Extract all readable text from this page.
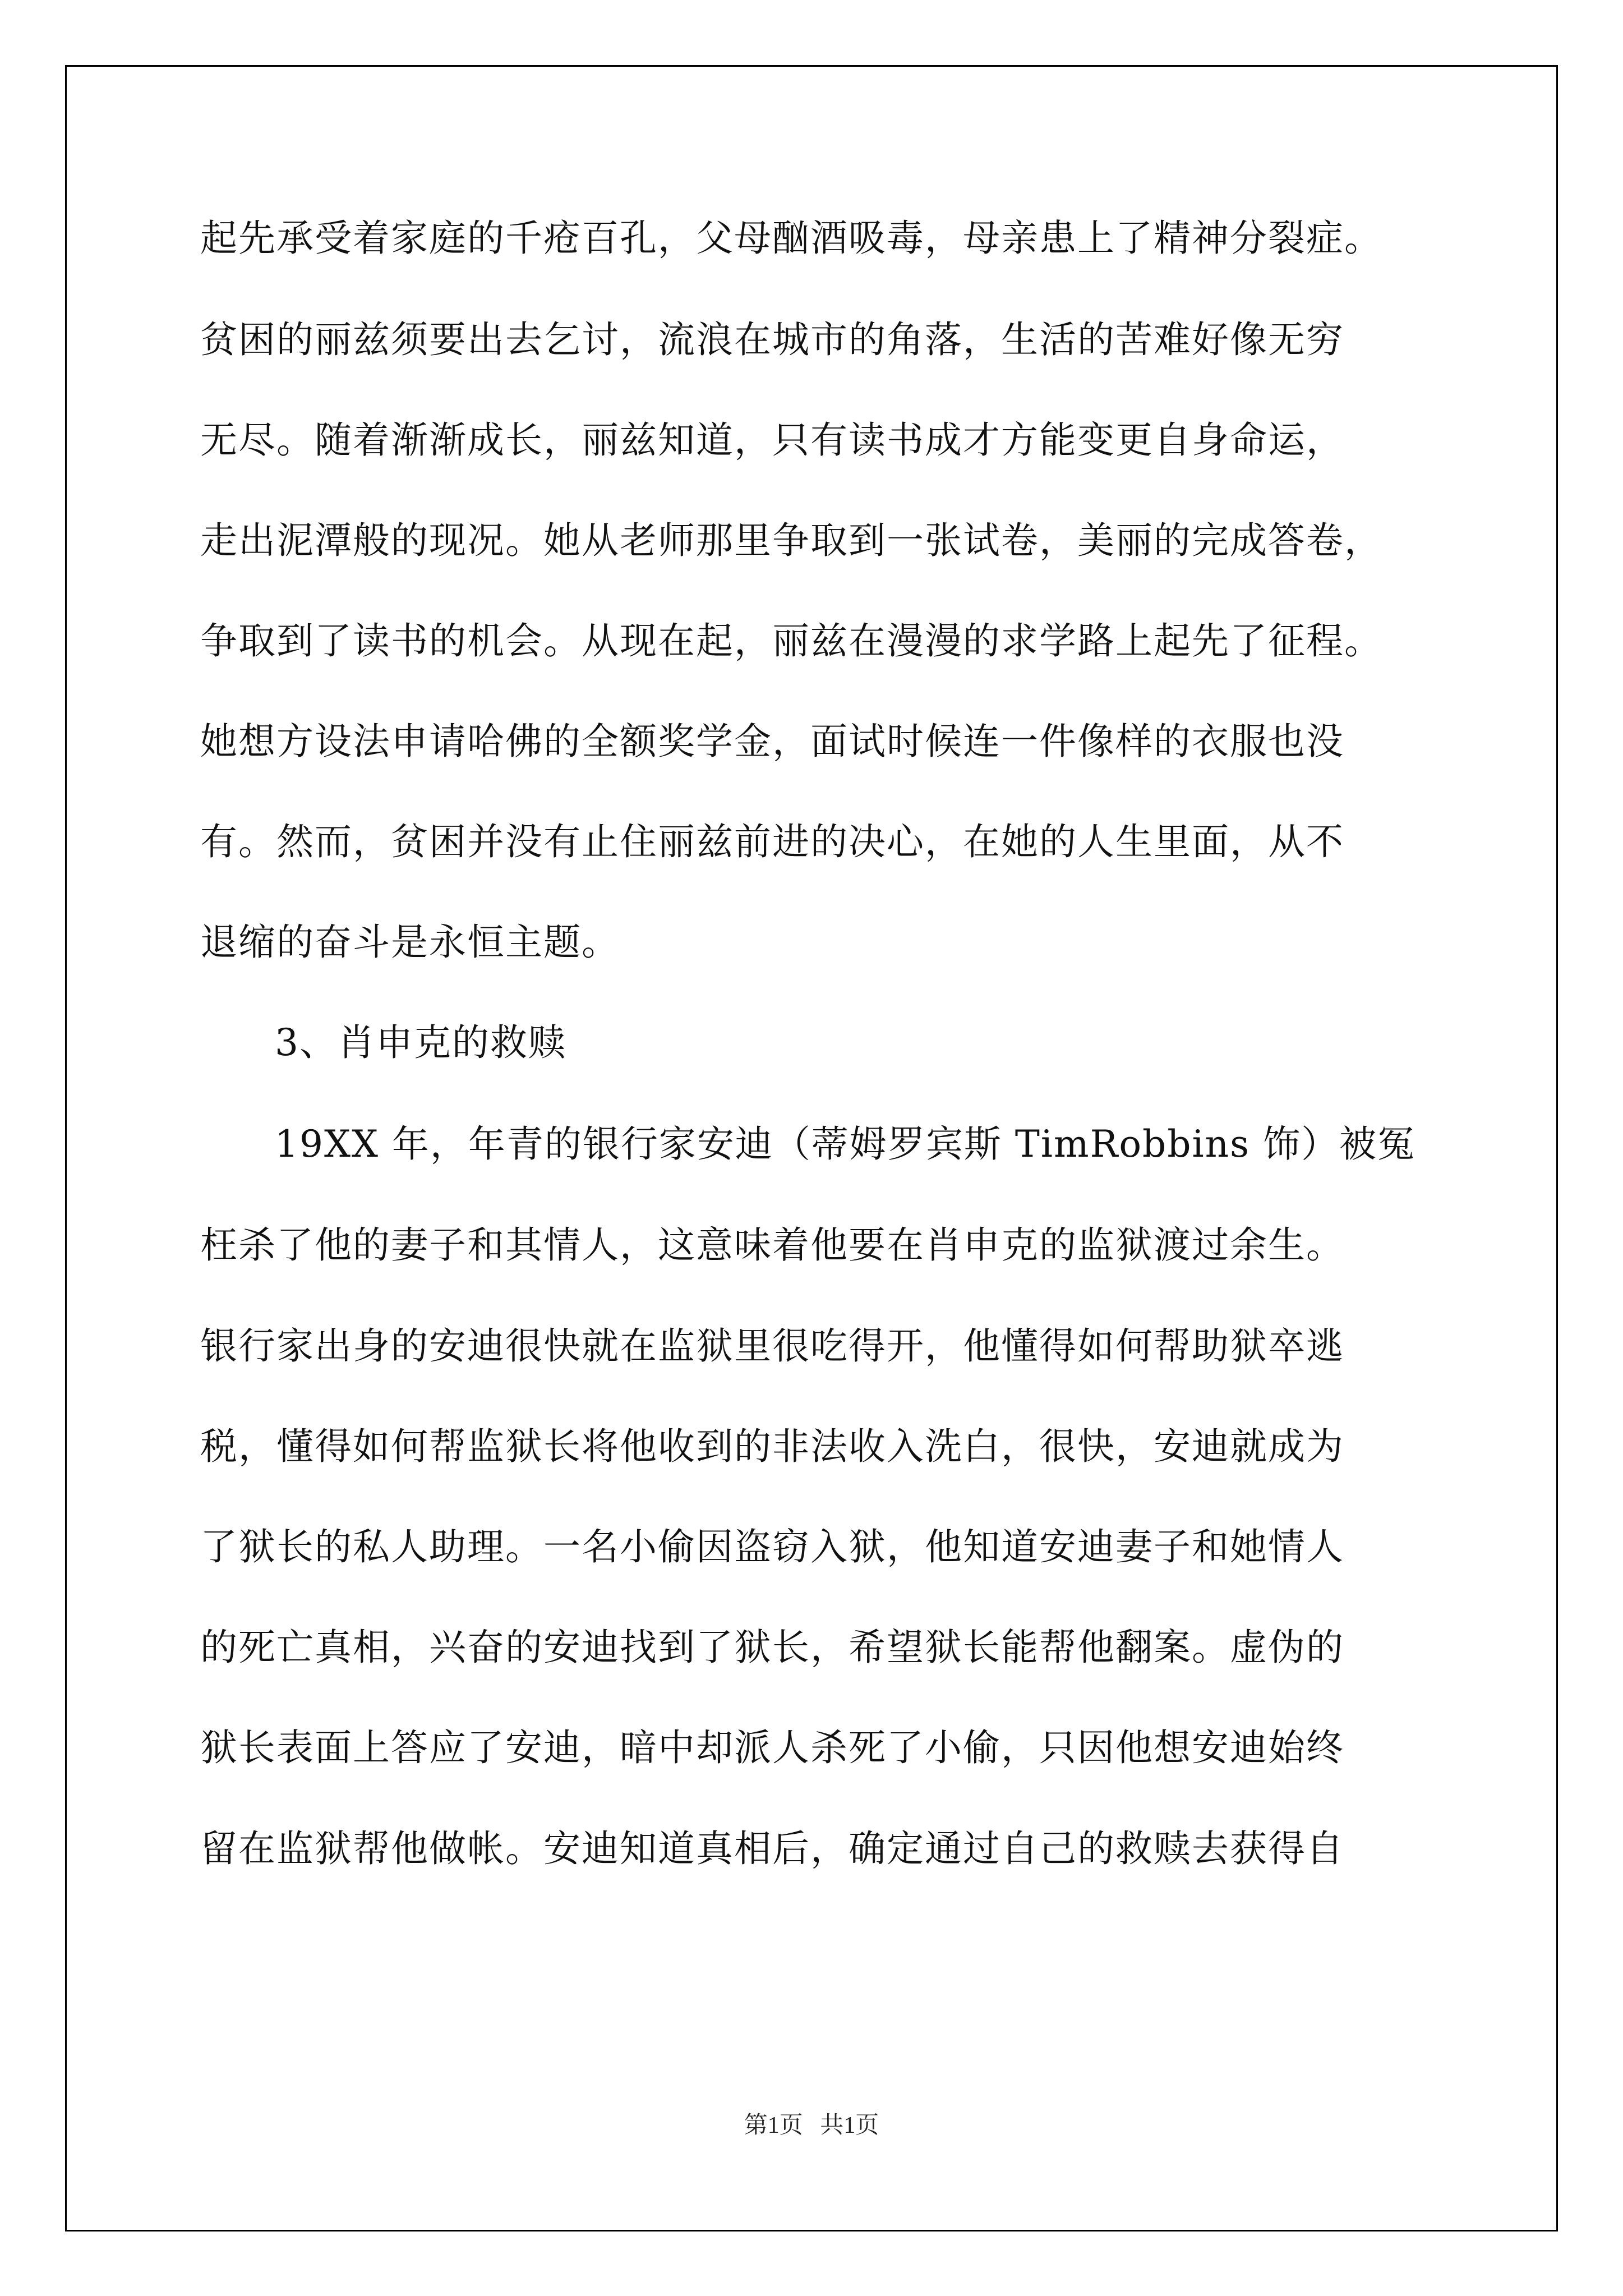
起先承受着家庭的千疮百孔，父母酗酒吸毒，母亲患上了精神分裂症。
贫困的丽兹须要出去乞讨，流浪在城市的角落，生活的苦难好像无穷
无尽。随着渐渐成长，丽兹知道，只有读书成才方能变更自身命运，
走出泥潭般的现况。她从老师那里争取到一张试卷，美丽的完成答卷，
争取到了读书的机会。从现在起，丽兹在漫漫的求学路上起先了征程。
她想方设法申请哈佛的全额奖学金，面试时候连一件像样的衣服也没
有。然而，贫困并没有止住丽兹前进的决心，在她的人生里面，从不
退缩的奋斗是永恒主题。
3、肖申克的救赎
19XX 年，年青的银行家安迪（蒂姆罗宾斯 TimRobbins 饰）被冤
枉杀了他的妻子和其情人，这意味着他要在肖申克的监狱渡过余生。
银行家出身的安迪很快就在监狱里很吃得开，他懂得如何帮助狱卒逃
税，懂得如何帮监狱长将他收到的非法收入洗白，很快，安迪就成为
了狱长的私人助理。一名小偷因盗窃入狱，他知道安迪妻子和她情人
的死亡真相，兴奋的安迪找到了狱长，希望狱长能帮他翻案。虚伪的
狱长表面上答应了安迪，暗中却派人杀死了小偷，只因他想安迪始终
留在监狱帮他做帐。安迪知道真相后，确定通过自己的救赎去获得自
第1页 共1页
